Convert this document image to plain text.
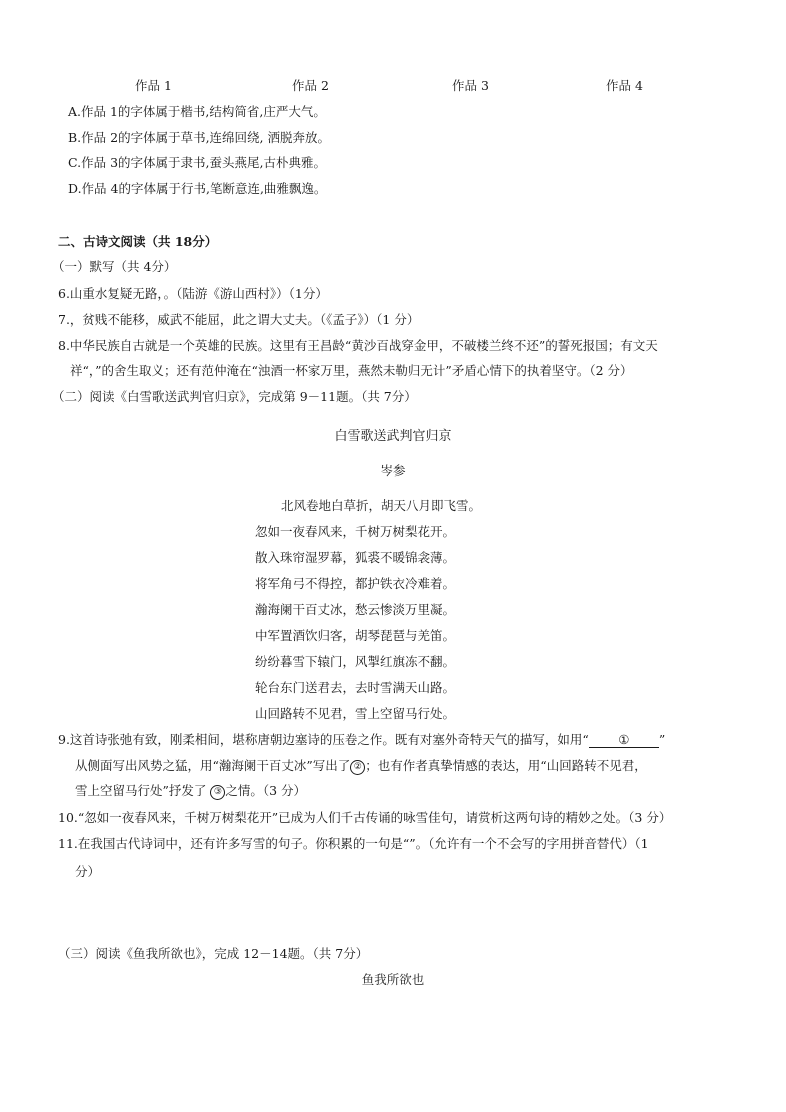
作品 1	作品 2	作品 3	作品 4
A.作品 1的字体属于楷书,结构简省,庄严大气。
B.作品 2的字体属于草书,连绵回绕, 洒脱奔放。
C.作品 3的字体属于隶书,蚕头燕尾,古朴典雅。
D.作品 4的字体属于行书,笔断意连,曲雅飘逸。
二、古诗文阅读（共 18分）
（一）默写（共 4分）
6.山重水复疑无路，。（陆游《游山西村》）（1分）
7.，贫贱不能移，威武不能屈，此之谓大丈夫。（《孟子》）（1 分）
8.中华民族自古就是一个英雄的民族。这里有王昌龄“黄沙百战穿金甲，不破楼兰终不还”的誓死报国；有文天
祥“，”的舍生取义；还有范仲淹在“浊酒一杯家万里，燕然未勒归无计”矛盾心情下的执着坚守。（2 分）
（二）阅读《白雪歌送武判官归京》，完成第 9－11题。（共 7分）
白雪歌送武判官归京
岑参
北风卷地白草折，胡天八月即飞雪。
忽如一夜春风来，千树万树梨花开。
散入珠帘湿罗幕，狐裘不暖锦衾薄。
将军角弓不得控，都护铁衣冷难着。
瀚海阑干百丈冰，愁云惨淡万里凝。
中军置酒饮归客，胡琴琵琶与羌笛。
纷纷暮雪下辕门，风掣红旗冻不翻。
轮台东门送君去，去时雪满天山路。
山回路转不见君，雪上空留马行处。
9.这首诗张弛有致，刚柔相间，堪称唐朝边塞诗的压卷之作。既有对塞外奇特天气的描写，如用“ ① ”
从侧面写出风势之猛，用“瀚海阑干百丈冰”写出了 ② ；也有作者真挚情感的表达，用“山回路转不见君，
雪上空留马行处”抒发了 ③ 之情。（3 分）
10.“忽如一夜春风来，千树万树梨花开”已成为人们千古传诵的咏雪佳句，请赏析这两句诗的精妙之处。（3 分）
11.在我国古代诗词中，还有许多写雪的句子。你积累的一句是“”。（允许有一个不会写的字用拼音替代）（1
分）
（三）阅读《鱼我所欲也》，完成 12－14题。（共 7分）
鱼我所欲也
